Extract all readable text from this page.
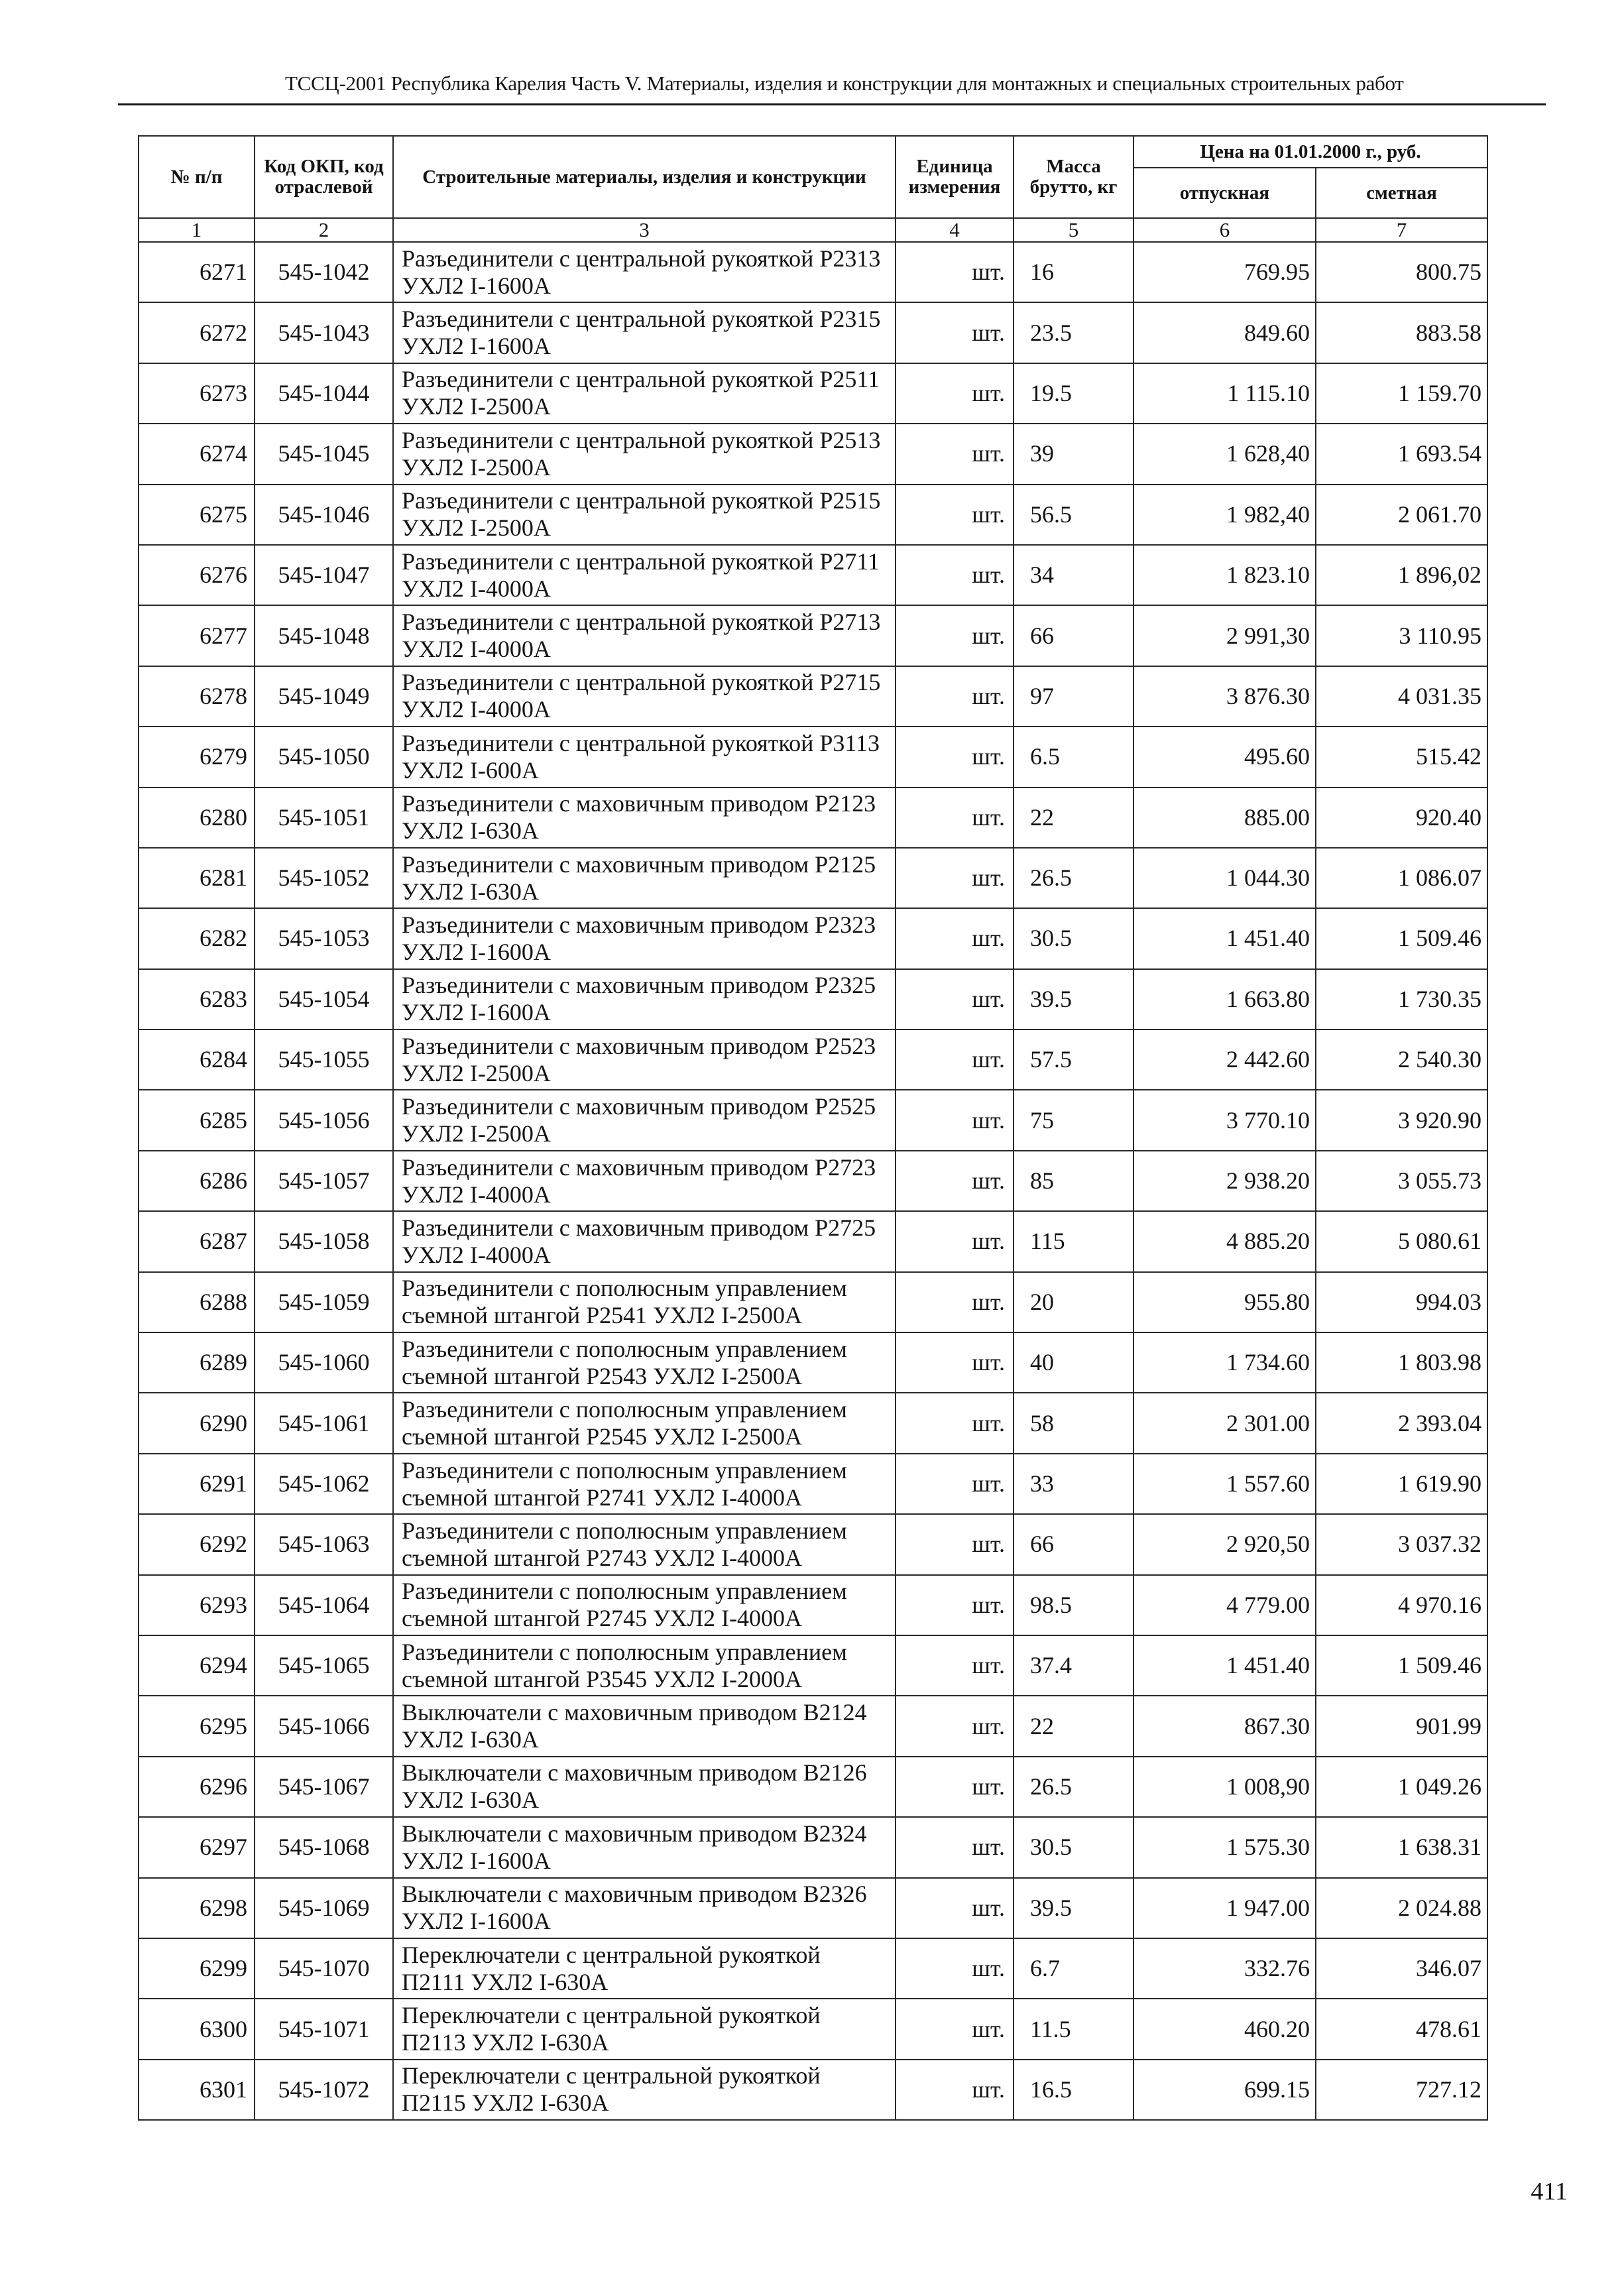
ТССЦ-2001 Республика Карелия Часть V. Материалы, изделия и конструкции для монтажных и специальных строительных работ
№ п/п	Код ОКП, код отраслевой	Строительные материалы, изделия и конструкции	Единица измерения	Масса брутто, кг	Цена на 01.01.2000 г., руб.	
					отпускная	сметная
1	2	3	4	5	6	7
6271	545-1042	Разъединители с центральной рукояткой Р2313 УХЛ2 I-1600А	шт.	16	769.95	800.75
6272	545-1043	Разъединители с центральной рукояткой Р2315 УХЛ2 I-1600А	шт.	23.5	849.60	883.58
6273	545-1044	Разъединители с центральной рукояткой Р2511 УХЛ2 I-2500А	шт.	19.5	1 115.10	1 159.70
6274	545-1045	Разъединители с центральной рукояткой Р2513 УХЛ2 I-2500А	шт.	39	1 628,40	1 693.54
6275	545-1046	Разъединители с центральной рукояткой Р2515 УХЛ2 I-2500А	шт.	56.5	1 982,40	2 061.70
6276	545-1047	Разъединители с центральной рукояткой Р2711 УХЛ2 I-4000А	шт.	34	1 823.10	1 896,02
6277	545-1048	Разъединители с центральной рукояткой Р2713 УХЛ2 I-4000А	шт.	66	2 991,30	3 110.95
6278	545-1049	Разъединители с центральной рукояткой Р2715 УХЛ2 I-4000А	шт.	97	3 876.30	4 031.35
6279	545-1050	Разъединители с центральной рукояткой Р3113 УХЛ2 I-600А	шт.	6.5	495.60	515.42
6280	545-1051	Разъединители с маховичным приводом Р2123 УХЛ2 I-630А	шт.	22	885.00	920.40
6281	545-1052	Разъединители с маховичным приводом Р2125 УХЛ2 I-630А	шт.	26.5	1 044.30	1 086.07
6282	545-1053	Разъединители с маховичным приводом Р2323 УХЛ2 I-1600А	шт.	30.5	1 451.40	1 509.46
6283	545-1054	Разъединители с маховичным приводом Р2325 УХЛ2 I-1600А	шт.	39.5	1 663.80	1 730.35
6284	545-1055	Разъединители с маховичным приводом Р2523 УХЛ2 I-2500А	шт.	57.5	2 442.60	2 540.30
6285	545-1056	Разъединители с маховичным приводом Р2525 УХЛ2 I-2500А	шт.	75	3 770.10	3 920.90
6286	545-1057	Разъединители с маховичным приводом Р2723 УХЛ2 I-4000А	шт.	85	2 938.20	3 055.73
6287	545-1058	Разъединители с маховичным приводом Р2725 УХЛ2 I-4000А	шт.	115	4 885.20	5 080.61
6288	545-1059	Разъединители с пополюсным управлением съемной штангой Р2541 УХЛ2 I-2500А	шт.	20	955.80	994.03
6289	545-1060	Разъединители с пополюсным управлением съемной штангой Р2543 УХЛ2 I-2500А	шт.	40	1 734.60	1 803.98
6290	545-1061	Разъединители с пополюсным управлением съемной штангой Р2545 УХЛ2 I-2500А	шт.	58	2 301.00	2 393.04
6291	545-1062	Разъединители с пополюсным управлением съемной штангой Р2741 УХЛ2 I-4000А	шт.	33	1 557.60	1 619.90
6292	545-1063	Разъединители с пополюсным управлением съемной штангой Р2743 УХЛ2 I-4000А	шт.	66	2 920,50	3 037.32
6293	545-1064	Разъединители с пополюсным управлением съемной штангой Р2745 УХЛ2 I-4000А	шт.	98.5	4 779.00	4 970.16
6294	545-1065	Разъединители с пополюсным управлением съемной штангой Р3545 УХЛ2 I-2000А	шт.	37.4	1 451.40	1 509.46
6295	545-1066	Выключатели с маховичным приводом В2124 УХЛ2 I-630А	шт.	22	867.30	901.99
6296	545-1067	Выключатели с маховичным приводом В2126 УХЛ2 I-630А	шт.	26.5	1 008,90	1 049.26
6297	545-1068	Выключатели с маховичным приводом В2324 УХЛ2 I-1600А	шт.	30.5	1 575.30	1 638.31
6298	545-1069	Выключатели с маховичным приводом В2326 УХЛ2 I-1600А	шт.	39.5	1 947.00	2 024.88
6299	545-1070	Переключатели с центральной рукояткой П2111 УХЛ2 I-630А	шт.	6.7	332.76	346.07
6300	545-1071	Переключатели с центральной рукояткой П2113 УХЛ2 I-630А	шт.	11.5	460.20	478.61
6301	545-1072	Переключатели с центральной рукояткой П2115 УХЛ2 I-630А	шт.	16.5	699.15	727.12
411
